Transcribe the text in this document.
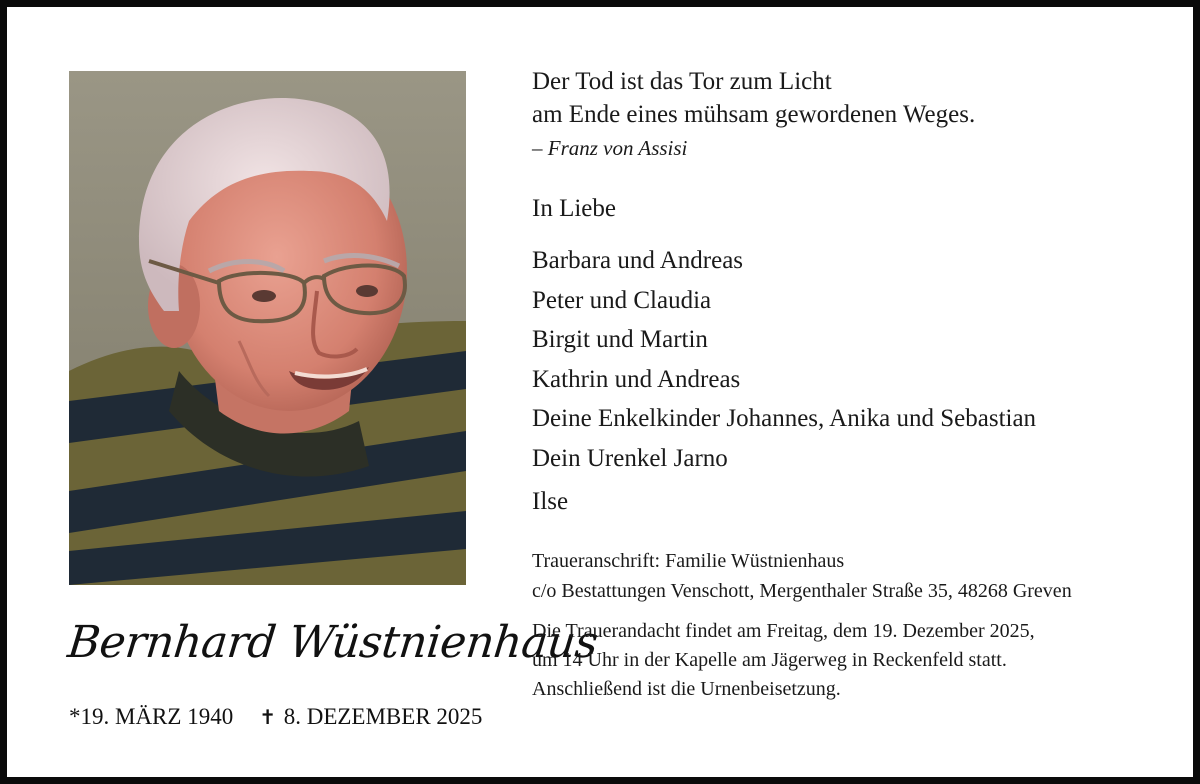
Bernhard Wüstnienhaus
*19. MÄRZ 1940 ✝ 8. DEZEMBER 2025
Der Tod ist das Tor zum Licht
am Ende eines mühsam gewordenen Weges.
– Franz von Assisi
In Liebe
Barbara und Andreas
Peter und Claudia
Birgit und Martin
Kathrin und Andreas
Deine Enkelkinder Johannes, Anika und Sebastian
Dein Urenkel Jarno
Ilse
Traueranschrift: Familie Wüstnienhaus
c/o Bestattungen Venschott, Mergenthaler Straße 35, 48268 Greven
Die Trauerandacht findet am Freitag, dem 19. Dezember 2025,
um 14 Uhr in der Kapelle am Jägerweg in Reckenfeld statt.
Anschließend ist die Urnenbeisetzung.
